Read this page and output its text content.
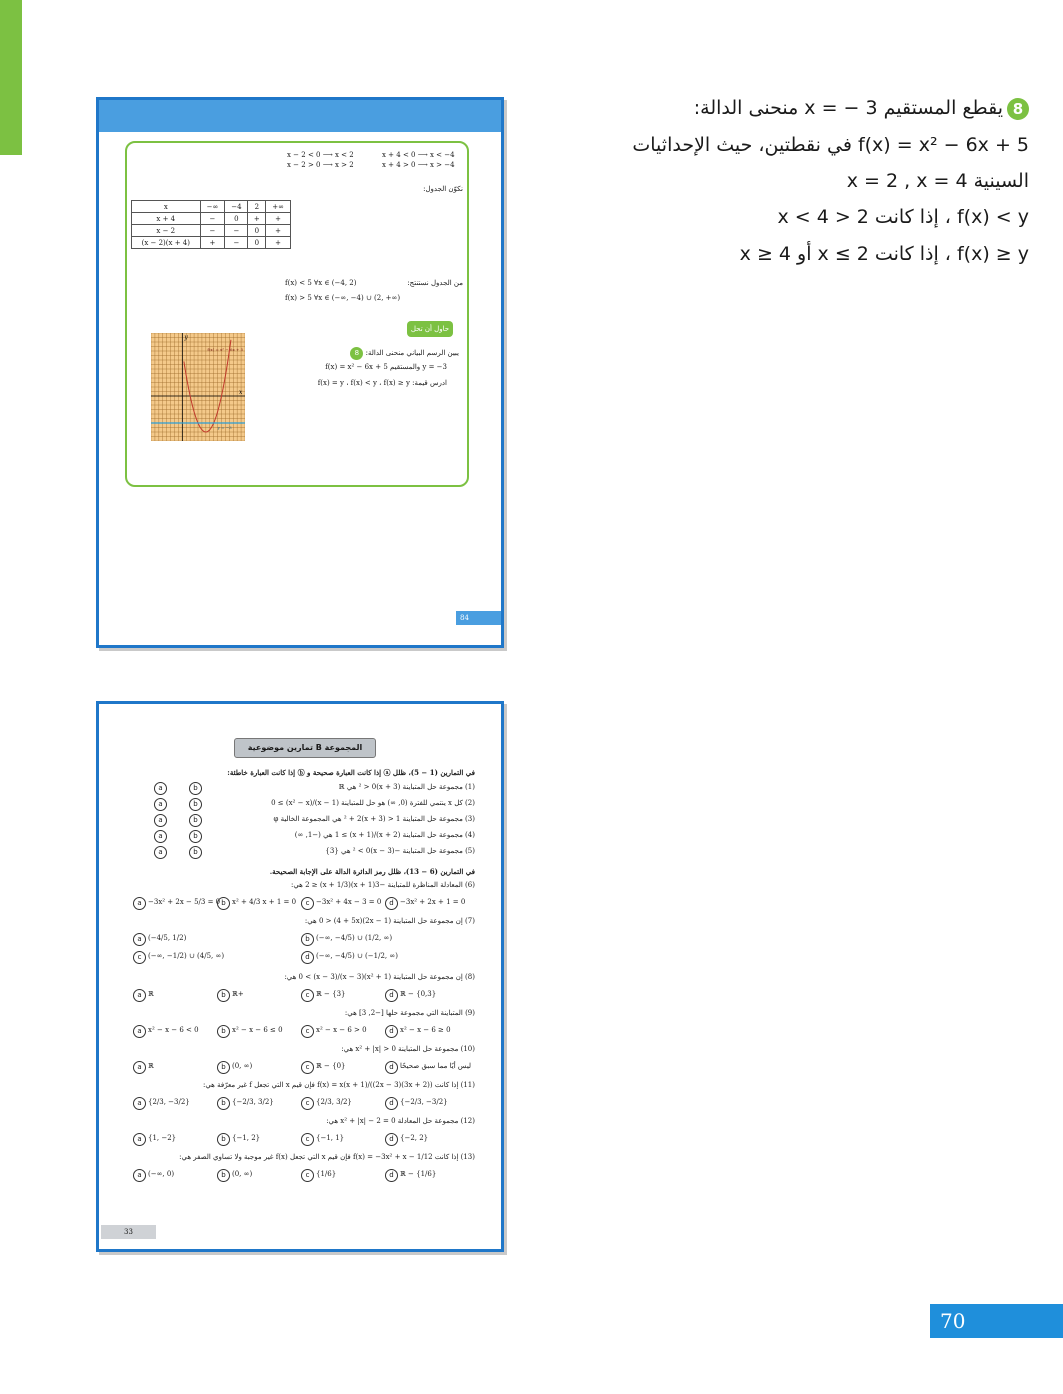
8يقطع المستقيم x = − 3 منحنى الدالة:
f(x) = x² − 6x + 5 في نقطتين، حيث الإحداثيات
السينية x = 2 , x = 4
f(x) < y ، إذا كانت 2 < x < 4
f(x) ≥ y ، إذا كانت x ≤ 2 أو x ≥ 4
x − 2 < 0 ⟶ x < 2
x − 2 > 0 ⟶ x > 2
x + 4 < 0 ⟶ x < −4
x + 4 > 0 ⟶ x > −4
نكوّن الجدول:
x	−∞	−4	2	+∞
x + 4	−	0	+	+
x − 2	−	−	0	+
(x − 2)(x + 4)	+	−	0	+
من الجدول نستنتج:
f(x) < 5 ∀x ∈ (−4, 2)
f(x) > 5 ∀x ∈ (−∞, −4) ∪ (2, +∞)
حاول أن تحل
يبين الرسم البياني منحنى الدالة: 8
y = −3 والمستقيم f(x) = x² − 6x + 5
ادرس قيمة: f(x) = y ، f(x) < y ، f(x) ≥ y
x
y
y = −3
f(x) = x² − 6x + 5
84
المجموعة B تمارين موضوعية
في التمارين (1 − 5)، ظلل ⓐ إذا كانت العبارة صحيحة و ⓑ إذا كانت العبارة خاطئة:
(1) مجموعة حل المتباينة (x + 3)² > 0 هي ℝ
a	b
(2) كل x ينتمي للفترة (0, ∞) هو حل للمتباينة (x − 1)/(x² − x) ≥ 0
a	b
(3) مجموعة حل المتباينة 1 < (x + 3)² + 2 هي المجموعة الخالية φ
a	b
(4) مجموعة حل المتباينة (x + 2)/(x + 1) ≥ 1 هي (−1, ∞)
a	b
(5) مجموعة حل المتباينة −(x − 3)² < 0 هي {3}
a	b
في التمارين (6 − 13)، ظلل رمز الدائرة الدالة على الإجابة الصحيحة.
(6) المعادلة المناظرة للمتباينة −3(x + 1)(x + 1/3) ≤ 2 هي:
a −3x² + 2x − 5/3 = 0 b x² + 4/3 x + 1 = 0	c −3x² + 4x − 3 = 0	d −3x² + 2x + 1 = 0
(7) إن مجموعة حل المتباينة (1 − 2x)(4 + 5x) < 0 هي:
a (−4/5, 1/2)	b (−∞, −4/5) ∪ (1/2, ∞)
c (−∞, −1/2) ∪ (4/5, ∞)	d (−∞, −4/5) ∪ (−1/2, ∞)
(8) إن مجموعة حل المتباينة (x² + 1)(x − 3)/(x − 3) > 0 هي:
a ℝ	b ℝ+	c ℝ − {3}	d ℝ − {0,3}
(9) المتباينة التي مجموعة حلها [−2, 3] هي:
a x² − x − 6 < 0	b x² − x − 6 ≤ 0	c x² − x − 6 > 0	d x² − x − 6 ≥ 0
(10) مجموعة حل المتباينة x² + |x| > 0 هي:
a ℝ	b (0, ∞)	c ℝ − {0}	d ليس أيًا مما سبق صحيحًا
(11) إذا كانت f(x) = x(x + 1)/((2x − 3)(3x + 2)) فإن قيم x التي تجعل f غير معرّفة هي:
a {2/3, −3/2}	b {−2/3, 3/2}	c {2/3, 3/2}	d {−2/3, −3/2}
(12) مجموعة حل المعادلة x² + |x| − 2 = 0 هي:
a {1, −2}	b {−1, 2}	c {−1, 1}	d {−2, 2}
(13) إذا كانت f(x) = −3x² + x − 1/12 فإن قيم x التي تجعل f(x) غير موجبة ولا تساوي الصفر هي:
a (−∞, 0)	b (0, ∞)	c {1/6}	d ℝ − {1/6}
33
70
